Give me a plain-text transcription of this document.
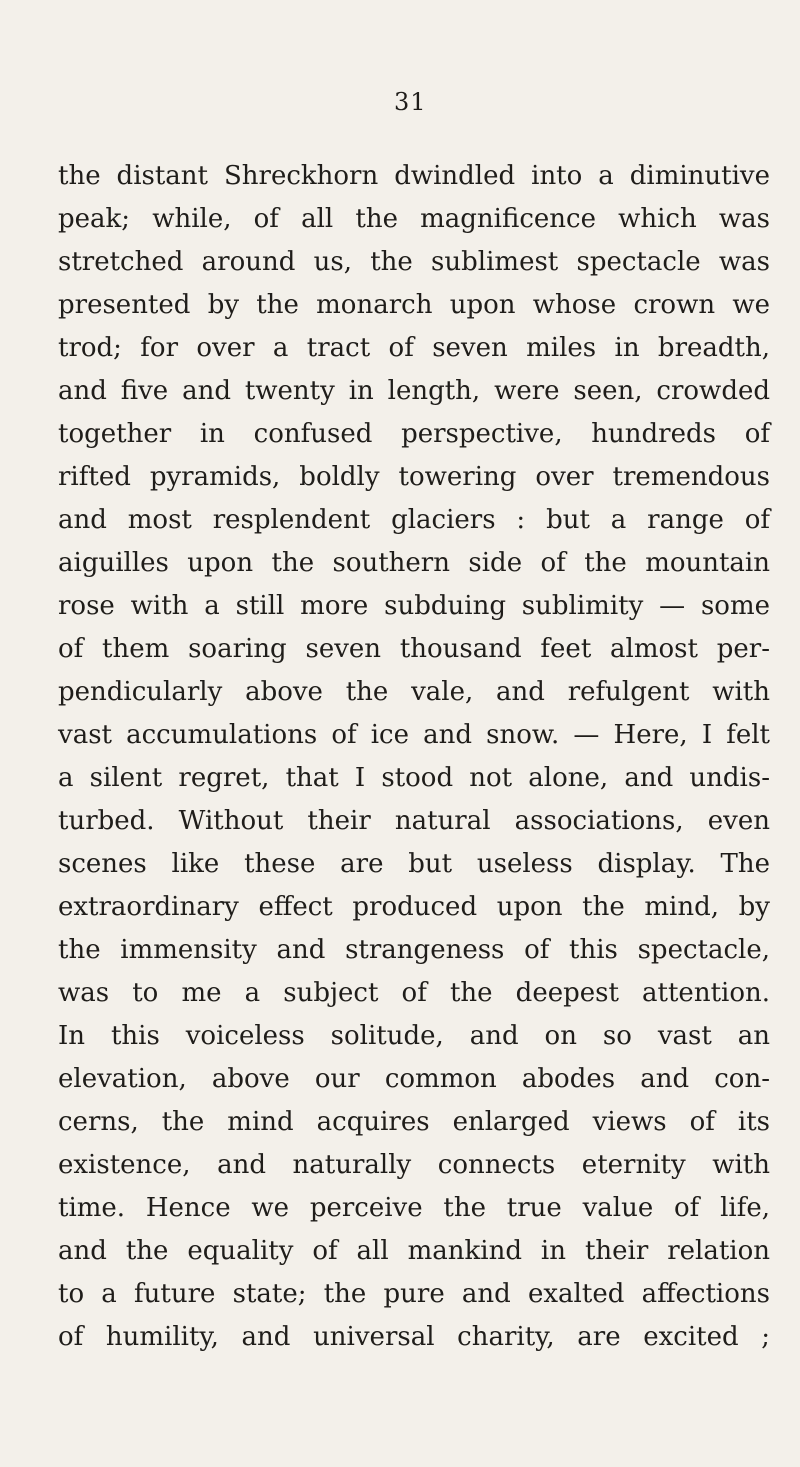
31
the distant Shreckhorn dwindled into a diminutive
peak; while, of all the magnificence which was
stretched around us, the sublimest spectacle was
presented by the monarch upon whose crown we
trod; for over a tract of seven miles in breadth,
and five and twenty in length, were seen, crowded
together in confused perspective, hundreds of
rifted pyramids, boldly towering over tremendous
and most resplendent glaciers : but a range of
aiguilles upon the southern side of the mountain
rose with a still more subduing sublimity — some
of them soaring seven thousand feet almost per-
pendicularly above the vale, and refulgent with
vast accumulations of ice and snow. — Here, I felt
a silent regret, that I stood not alone, and undis-
turbed. Without their natural associations, even
scenes like these are but useless display. The
extraordinary effect produced upon the mind, by
the immensity and strangeness of this spectacle,
was to me a subject of the deepest attention.
In this voiceless solitude, and on so vast an
elevation, above our common abodes and con-
cerns, the mind acquires enlarged views of its
existence, and naturally connects eternity with
time. Hence we perceive the true value of life,
and the equality of all mankind in their relation
to a future state; the pure and exalted affections
of humility, and universal charity, are excited ;
